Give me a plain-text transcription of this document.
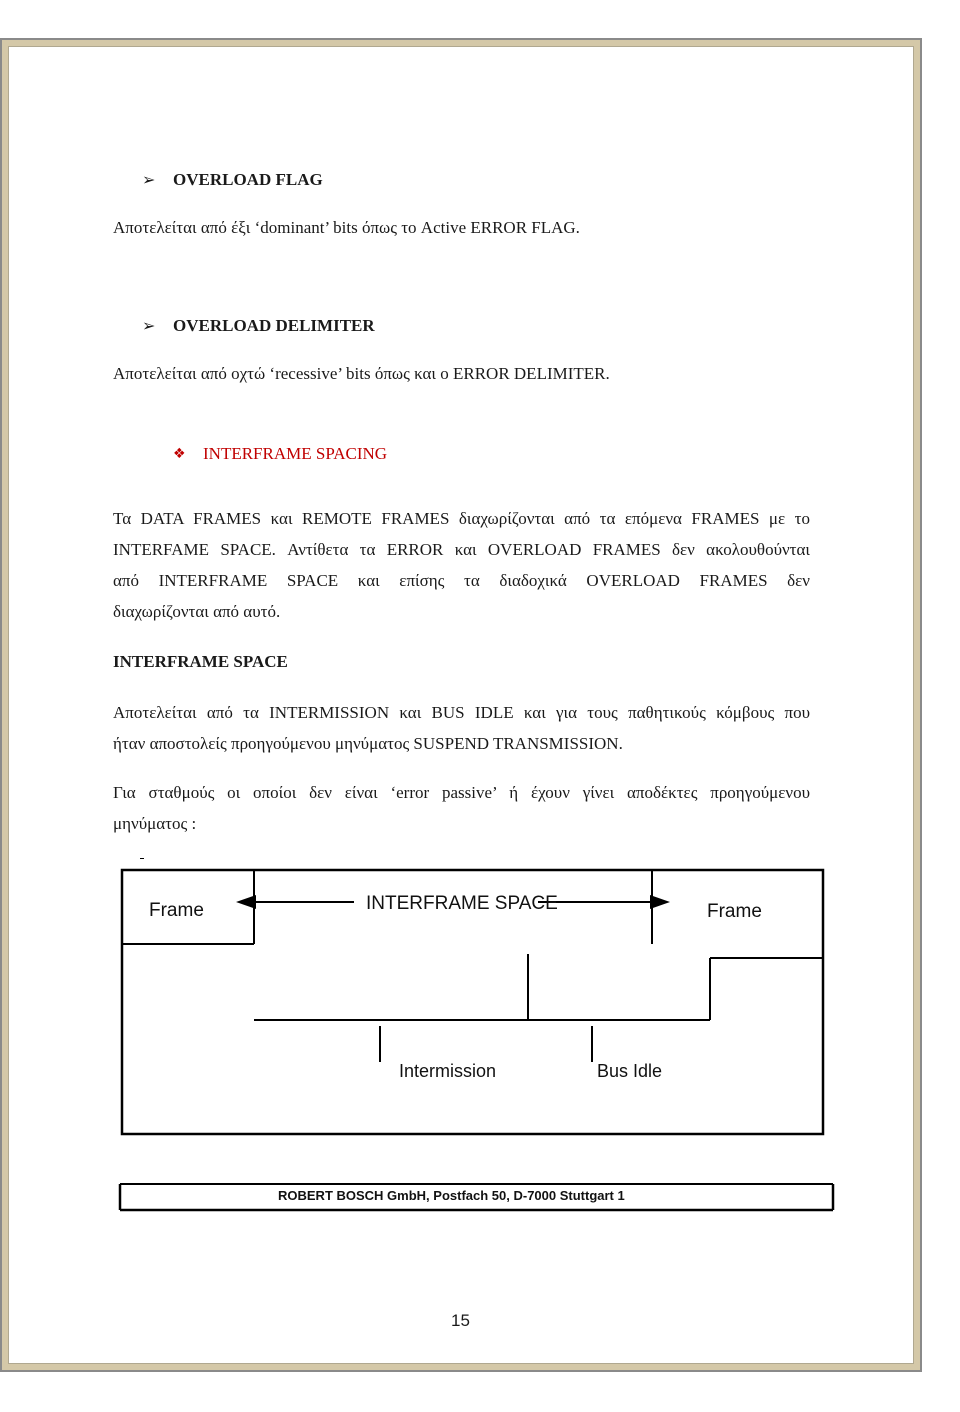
➢ OVERLOAD FLAG
Αποτελείται από έξι ‘dominant’ bits όπως το Active ERROR FLAG.
➢ OVERLOAD DELIMITER
Αποτελείται από οχτώ ‘recessive’ bits όπως και ο ERROR DELIMITER.
❖ INTERFRAME SPACING
Τα DATA FRAMES και REMOTE FRAMES διαχωρίζονται από τα επόμενα FRAMES με το
INTERFAME SPACE. Αντίθετα τα ERROR και OVERLOAD FRAMES δεν ακολουθούνται
από INTERFRAME SPACE και επίσης τα διαδοχικά OVERLOAD FRAMES δεν
διαχωρίζονται από αυτό.
INTERFRAME SPACE
Αποτελείται από τα INTERMISSION και BUS IDLE και για τους παθητικούς κόμβους που
ήταν αποστολείς προηγούμενου μηνύματος SUSPEND TRANSMISSION.
Για σταθμούς οι οποίοι δεν είναι ‘error passive’ ή έχουν γίνει αποδέκτες προηγούμενου
μηνύματος :
Frame	INTERFRAME SPACE	Frame
Intermission	Bus Idle
ROBERT BOSCH GmbH, Postfach 50, D-7000 Stuttgart 1
15
